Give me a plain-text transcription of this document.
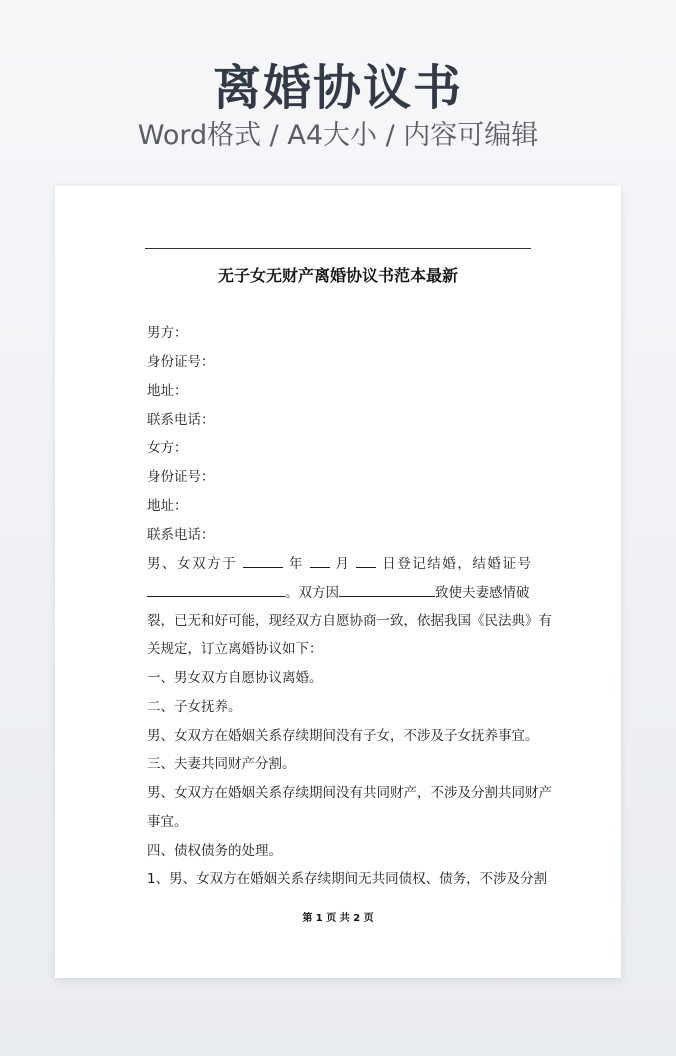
离婚协议书
Word格式 / A4大小 / 内容可编辑
无子女无财产离婚协议书范本最新
男方：
身份证号：
地址：
联系电话：
女方：
身份证号：
地址：
联系电话：
男、女双方于	年 月 日登记结婚，结婚证号
。双方因	致使夫妻感情破
裂，已无和好可能，现经双方自愿协商一致，依据我国《民法典》有
关规定，订立离婚协议如下：
一、男女双方自愿协议离婚。
二、子女抚养。
男、女双方在婚姻关系存续期间没有子女，不涉及子女抚养事宜。
三、夫妻共同财产分割。
男、女双方在婚姻关系存续期间没有共同财产，不涉及分割共同财产
事宜。
四、债权债务的处理。
1、男、女双方在婚姻关系存续期间无共同债权、债务，不涉及分割
第 1 页 共 2 页
